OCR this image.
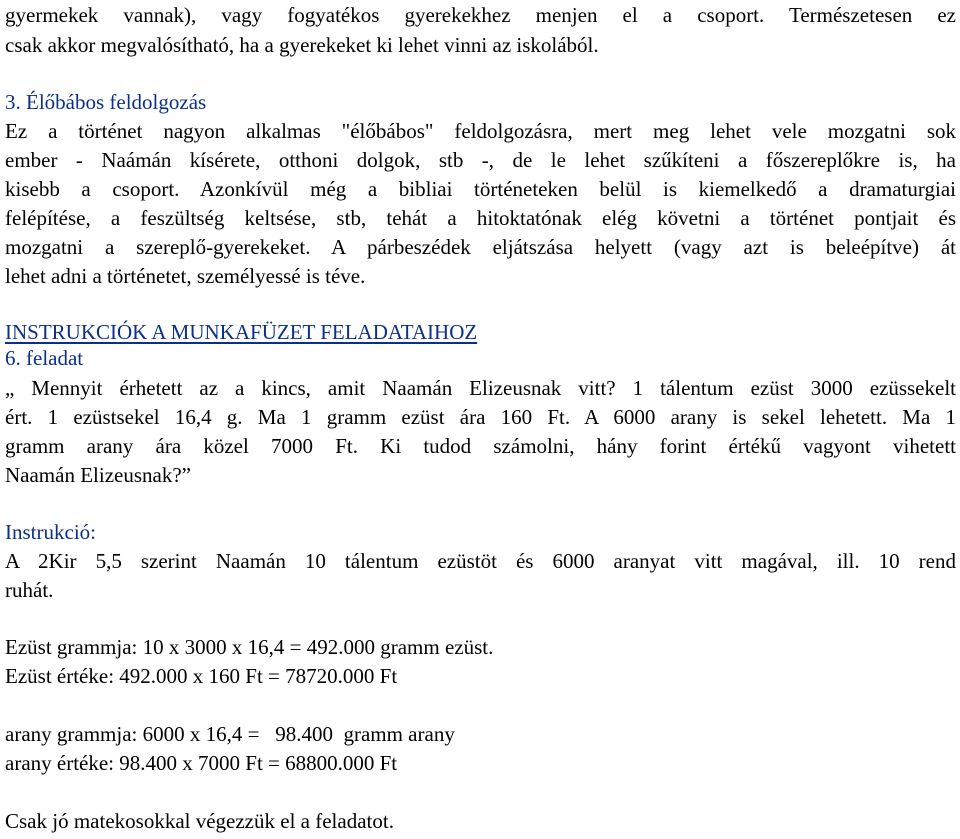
gyermekek vannak), vagy fogyatékos gyerekekhez menjen el a csoport. Természetesen ez
csak akkor megvalósítható, ha a gyerekeket ki lehet vinni az iskolából.
3. Élőbábos feldolgozás
Ez a történet nagyon alkalmas "élőbábos" feldolgozásra, mert meg lehet vele mozgatni sok
ember - Naámán kísérete, otthoni dolgok, stb -, de le lehet szűkíteni a főszereplőkre is, ha
kisebb a csoport. Azonkívül még a bibliai történeteken belül is kiemelkedő a dramaturgiai
felépítése, a feszültség keltsése, stb, tehát a hitoktatónak elég követni a történet pontjait és
mozgatni a szereplő-gyerekeket. A párbeszédek eljátszása helyett (vagy azt is beleépítve) át
lehet adni a történetet, személyessé is téve.
INSTRUKCIÓK A MUNKAFÜZET FELADATAIHOZ
6. feladat
„ Mennyit érhetett az a kincs, amit Naamán Elizeusnak vitt? 1 tálentum ezüst 3000 ezüssekelt
ért. 1 ezüstsekel 16,4 g. Ma 1 gramm ezüst ára 160 Ft. A 6000 arany is sekel lehetett. Ma 1
gramm arany ára közel 7000 Ft. Ki tudod számolni, hány forint értékű vagyont vihetett
Naamán Elizeusnak?”
Instrukció:
A 2Kir 5,5 szerint Naamán 10 tálentum ezüstöt és 6000 aranyat vitt magával, ill. 10 rend
ruhát.
Ezüst grammja: 10 x 3000 x 16,4 = 492.000 gramm ezüst.
Ezüst értéke: 492.000 x 160 Ft = 78720.000 Ft
arany grammja: 6000 x 16,4 =   98.400  gramm arany
arany értéke: 98.400 x 7000 Ft = 68800.000 Ft
Csak jó matekosokkal végezzük el a feladatot.
